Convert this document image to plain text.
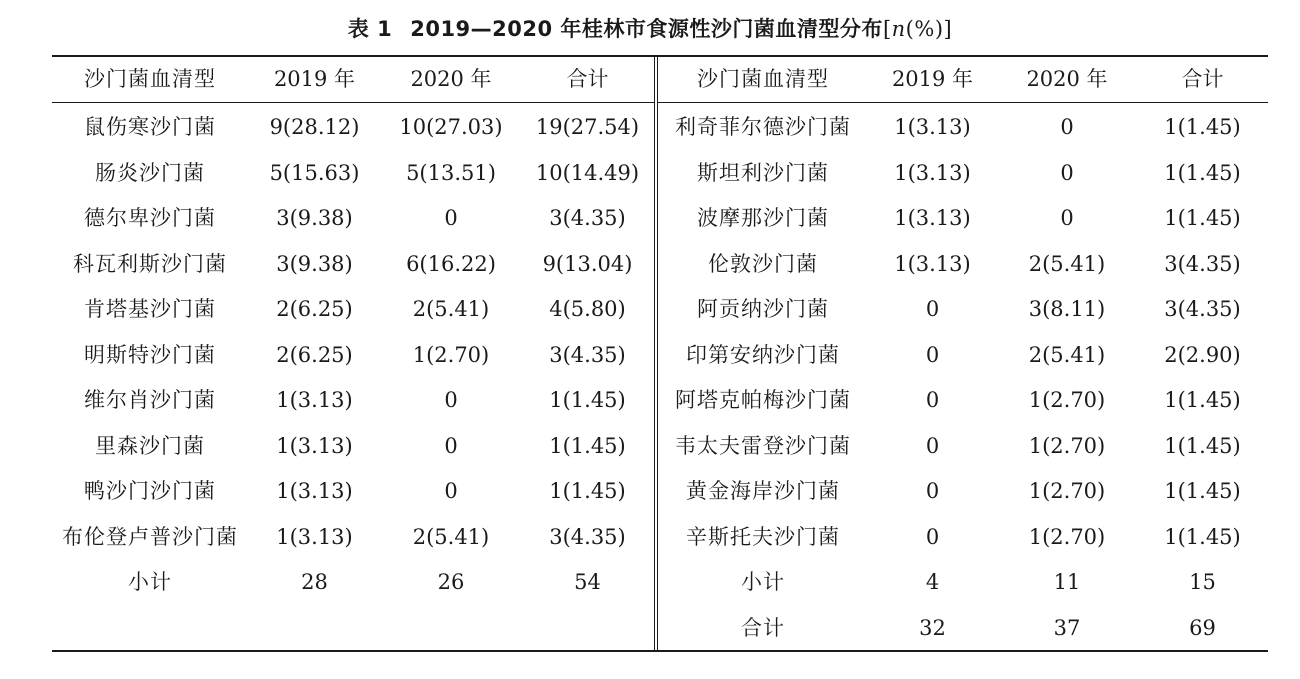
表 1 2019—2020 年桂林市食源性沙门菌血清型分布[n(%)]
沙门菌血清型	2019 年	2020 年	合计	沙门菌血清型	2019 年	2020 年	合计
鼠伤寒沙门菌	9(28.12)	10(27.03)	19(27.54)	利奇菲尔德沙门菌	1(3.13)	0	1(1.45)
肠炎沙门菌	5(15.63)	5(13.51)	10(14.49)	斯坦利沙门菌	1(3.13)	0	1(1.45)
德尔卑沙门菌	3(9.38)	0	3(4.35)	波摩那沙门菌	1(3.13)	0	1(1.45)
科瓦利斯沙门菌	3(9.38)	6(16.22)	9(13.04)	伦敦沙门菌	1(3.13)	2(5.41)	3(4.35)
肯塔基沙门菌	2(6.25)	2(5.41)	4(5.80)	阿贡纳沙门菌	0	3(8.11)	3(4.35)
明斯特沙门菌	2(6.25)	1(2.70)	3(4.35)	印第安纳沙门菌	0	2(5.41)	2(2.90)
维尔肖沙门菌	1(3.13)	0	1(1.45)	阿塔克帕梅沙门菌	0	1(2.70)	1(1.45)
里森沙门菌	1(3.13)	0	1(1.45)	韦太夫雷登沙门菌	0	1(2.70)	1(1.45)
鸭沙门沙门菌	1(3.13)	0	1(1.45)	黄金海岸沙门菌	0	1(2.70)	1(1.45)
布伦登卢普沙门菌	1(3.13)	2(5.41)	3(4.35)	辛斯托夫沙门菌	0	1(2.70)	1(1.45)
小计	28	26	54	小计	4	11	15
				合计	32	37	69
